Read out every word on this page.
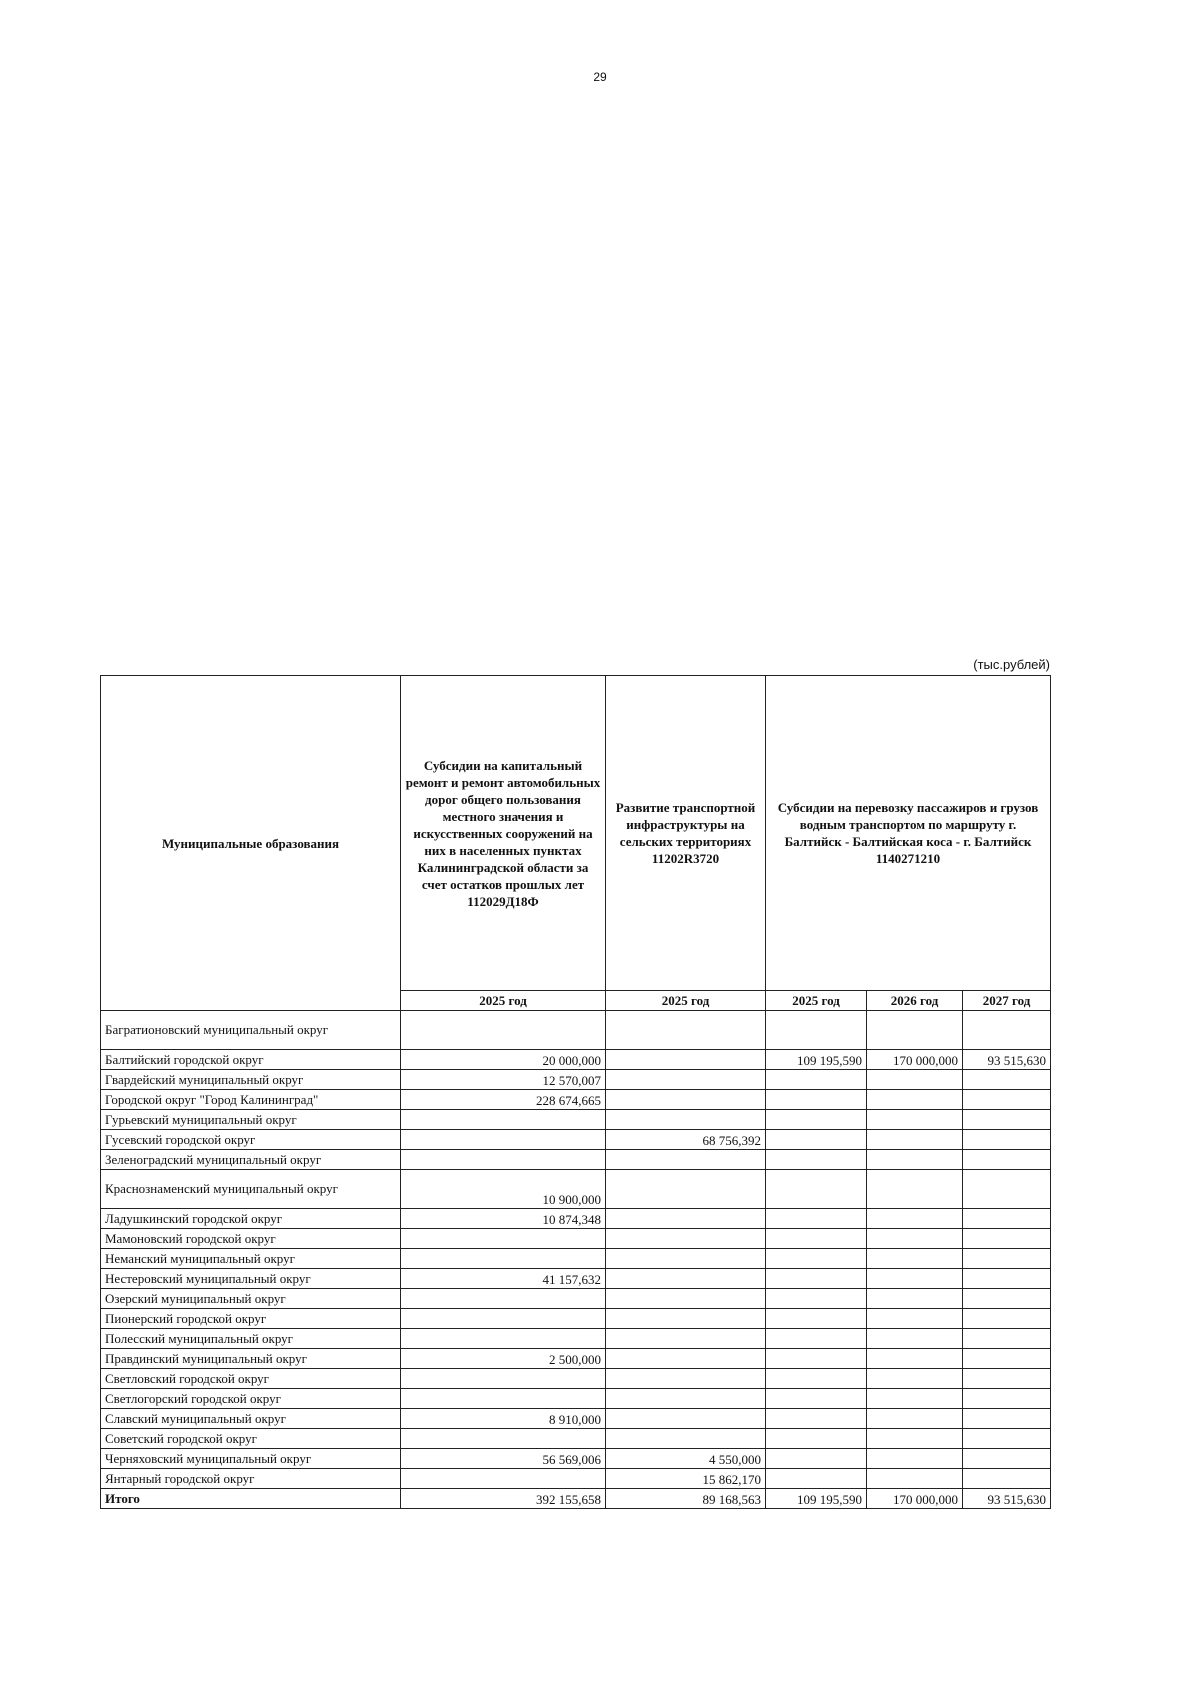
29
(тыс.рублей)
Муниципальные образования	Субсидии на капитальный ремонт и ремонт автомобильных дорог общего пользования местного значения и искусственных сооружений на них в населенных пунктах Калининградской области за счет остатков прошлых лет 112029Д18Ф	Развитие транспортной инфраструктуры на сельских территориях 11202R3720	Субсидии на перевозку пассажиров и грузов водным транспортом по маршруту г. Балтийск - Балтийская коса - г. Балтийск 1140271210		
	2025 год	2025 год	2025 год	2026 год	2027 год
Багратионовский муниципальный округ					
Балтийский городской округ	20 000,000		109 195,590	170 000,000	93 515,630
Гвардейский муниципальный округ	12 570,007				
Городской округ "Город Калининград"	228 674,665				
Гурьевский муниципальный округ					
Гусевский городской округ		68 756,392			
Зеленоградский муниципальный округ					
Краснознаменский муниципальный округ	10 900,000				
Ладушкинский городской округ	10 874,348				
Мамоновский городской округ					
Неманский муниципальный округ					
Нестеровский муниципальный округ	41 157,632				
Озерский муниципальный округ					
Пионерский городской округ					
Полесский муниципальный округ					
Правдинский муниципальный округ	2 500,000				
Светловский городской округ					
Светлогорский городской округ					
Славский муниципальный округ	8 910,000				
Советский городской округ					
Черняховский муниципальный округ	56 569,006	4 550,000			
Янтарный городской округ		15 862,170			
Итого	392 155,658	89 168,563	109 195,590	170 000,000	93 515,630
